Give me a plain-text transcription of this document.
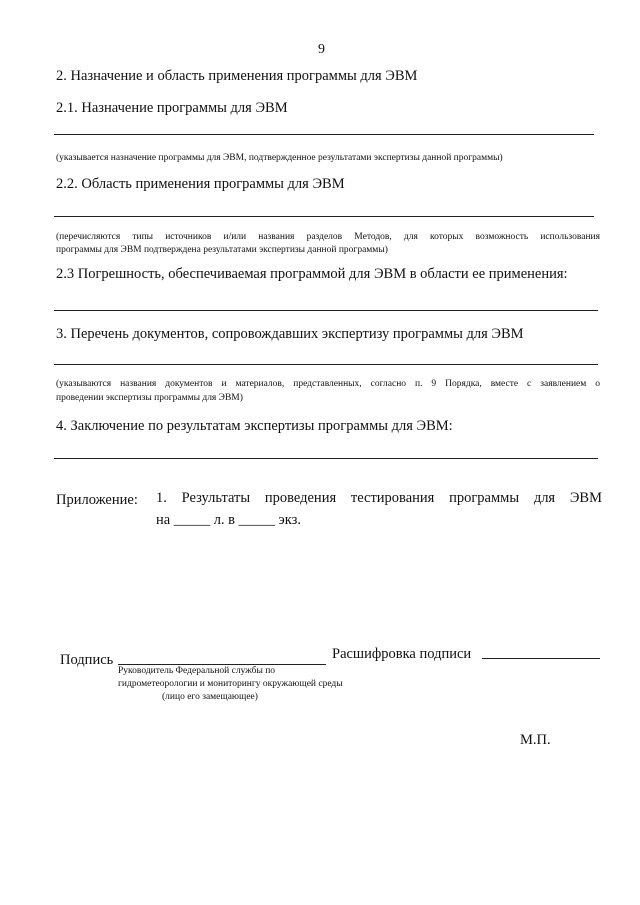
9
2. Назначение и область применения программы для ЭВМ
2.1. Назначение программы для ЭВМ
(указывается назначение программы для ЭВМ, подтвержденное результатами экспертизы данной программы)
2.2. Область применения программы для ЭВМ
(перечисляются типы источников и/или названия разделов Методов, для которых возможность использования
программы для ЭВМ подтверждена результатами экспертизы данной программы)
2.3 Погрешность, обеспечиваемая программой для ЭВМ в области ее применения:
3. Перечень документов, сопровождавших экспертизу программы для ЭВМ
(указываются названия документов и материалов, представленных, согласно п. 9 Порядка, вместе с заявлением о
проведении экспертизы программы для ЭВМ)
4. Заключение по результатам экспертизы программы для ЭВМ:
Приложение: 1. Результаты проведения тестирования программы для ЭВМ
на _____ л. в _____ экз.
Подпись	Расшифровка подписи
Руководитель Федеральной службы по
гидрометеорологии и мониторингу окружающей среды
(лицо его замещающее)
М.П.
